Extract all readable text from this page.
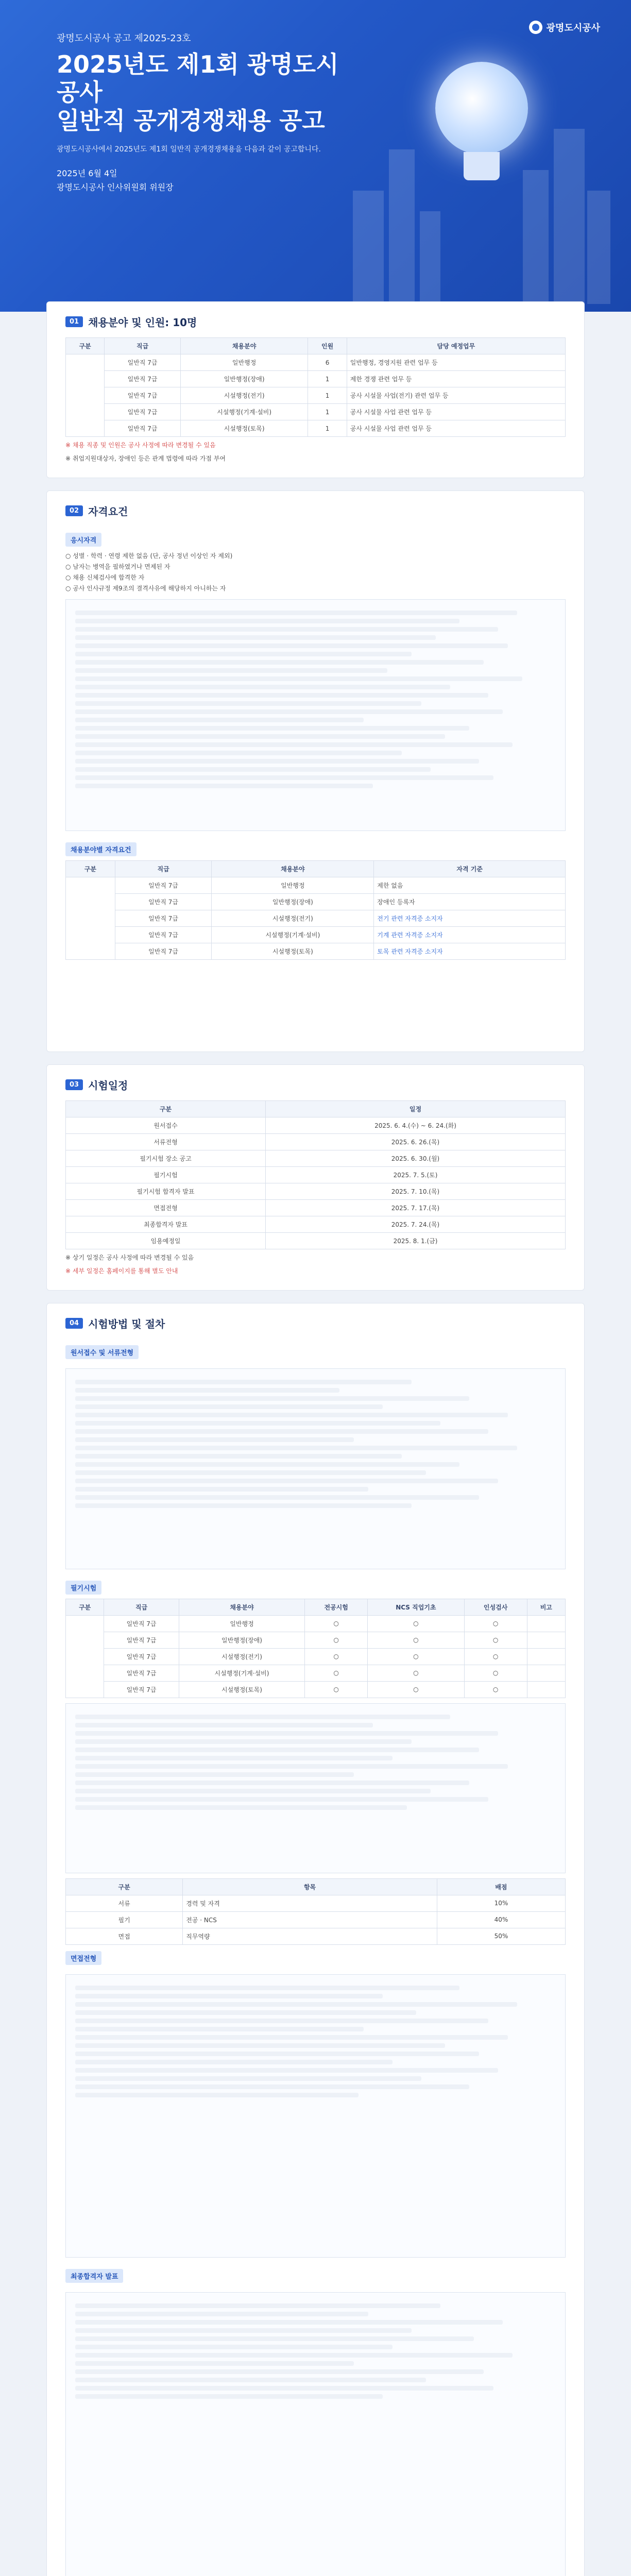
광명도시공사
광명도시공사 공고 제2025-23호
2025년도 제1회 광명도시공사
일반직 공개경쟁채용 공고
광명도시공사에서 2025년도 제1회 일반직 공개경쟁채용을 다음과 같이 공고합니다.
2025년 6월 4일
광명도시공사 인사위원회 위원장
01 채용분야 및 인원: 10명
구분	직급	채용분야	인원	담당 예정업무
	일반직 7급	일반행정	6	일반행정, 경영지원 관련 업무 등
	일반직 7급	일반행정(장애)	1	제한 경쟁 관련 업무 등
	일반직 7급	시설행정(전기)	1	공사 시설물 사업(전기) 관련 업무 등
	일반직 7급	시설행정(기계·설비)	1	공사 시설물 사업 관련 업무 등
	일반직 7급	시설행정(토목)	1	공사 시설물 사업 관련 업무 등
※ 채용 직종 및 인원은 공사 사정에 따라 변경될 수 있음
※ 취업지원대상자, 장애인 등은 관계 법령에 따라 가점 부여
02 자격요건
응시자격
○ 성별 · 학력 · 연령 제한 없음 (단, 공사 정년 이상인 자 제외)
○ 남자는 병역을 필하였거나 면제된 자
○ 채용 신체검사에 합격한 자
○ 공사 인사규정 제9조의 결격사유에 해당하지 아니하는 자
채용분야별 자격요건
구분	직급	채용분야	자격 기준
	일반직 7급	일반행정	제한 없음
	일반직 7급	일반행정(장애)	장애인 등록자
	일반직 7급	시설행정(전기)	전기 관련 자격증 소지자
	일반직 7급	시설행정(기계·설비)	기계 관련 자격증 소지자
	일반직 7급	시설행정(토목)	토목 관련 자격증 소지자
03 시험일정
구분	일정
원서접수	2025. 6. 4.(수) ~ 6. 24.(화)
서류전형	2025. 6. 26.(목)
필기시험 장소 공고	2025. 6. 30.(월)
필기시험	2025. 7. 5.(토)
필기시험 합격자 발표	2025. 7. 10.(목)
면접전형	2025. 7. 17.(목)
최종합격자 발표	2025. 7. 24.(목)
임용예정일	2025. 8. 1.(금)
※ 상기 일정은 공사 사정에 따라 변경될 수 있음
※ 세부 일정은 홈페이지를 통해 별도 안내
04 시험방법 및 절차
원서접수 및 서류전형
필기시험
구분	직급	채용분야	전공시험	NCS 직업기초	인성검사	비고
	일반직 7급	일반행정	○	○	○	
	일반직 7급	일반행정(장애)	○	○	○	
	일반직 7급	시설행정(전기)	○	○	○	
	일반직 7급	시설행정(기계·설비)	○	○	○	
	일반직 7급	시설행정(토목)	○	○	○	
구분	항목	배점
서류	경력 및 자격	10%
필기	전공 · NCS	40%
면접	직무역량	50%
면접전형
최종합격자 발표
